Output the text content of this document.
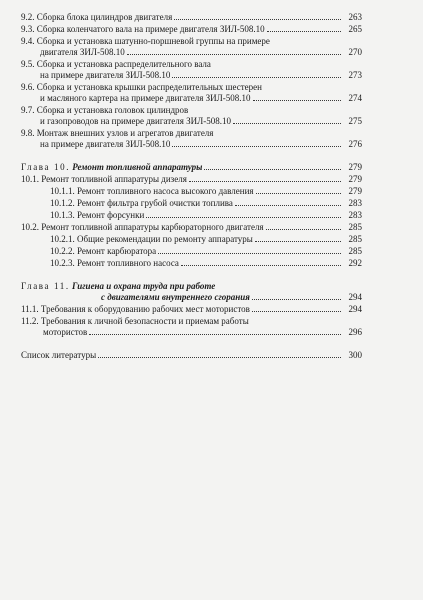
9.2. Сборка блока цилиндров двигателя	263
9.3. Сборка коленчатого вала на примере двигателя ЗИЛ-508.10	265
9.4. Сборка и установка шатунно-поршневой группы на примере
двигателя ЗИЛ-508.10	270
9.5. Сборка и установка распределительного вала
на примере двигателя ЗИЛ-508.10	273
9.6. Сборка и установка крышки распределительных шестерен
и масляного картера на примере двигателя ЗИЛ-508.10	274
9.7. Сборка и установка головок цилиндров
и газопроводов на примере двигателя ЗИЛ-508.10	275
9.8. Монтаж внешних узлов и агрегатов двигателя
на примере двигателя ЗИЛ-508.10	276
Глава 10. Ремонт топливной аппаратуры	279
10.1. Ремонт топливной аппаратуры дизеля	279
10.1.1. Ремонт топливного насоса высокого давления	279
10.1.2. Ремонт фильтра грубой очистки топлива	283
10.1.3. Ремонт форсунки	283
10.2. Ремонт топливной аппаратуры карбюраторного двигателя	285
10.2.1. Общие рекомендации по ремонту аппаратуры	285
10.2.2. Ремонт карбюратора	285
10.2.3. Ремонт топливного насоса	292
Глава 11. Гигиена и охрана труда при работе
с двигателями внутреннего сгорания	294
11.1. Требования к оборудованию рабочих мест мотористов	294
11.2. Требования к личной безопасности и приемам работы
мотористов	296
Список литературы	300
